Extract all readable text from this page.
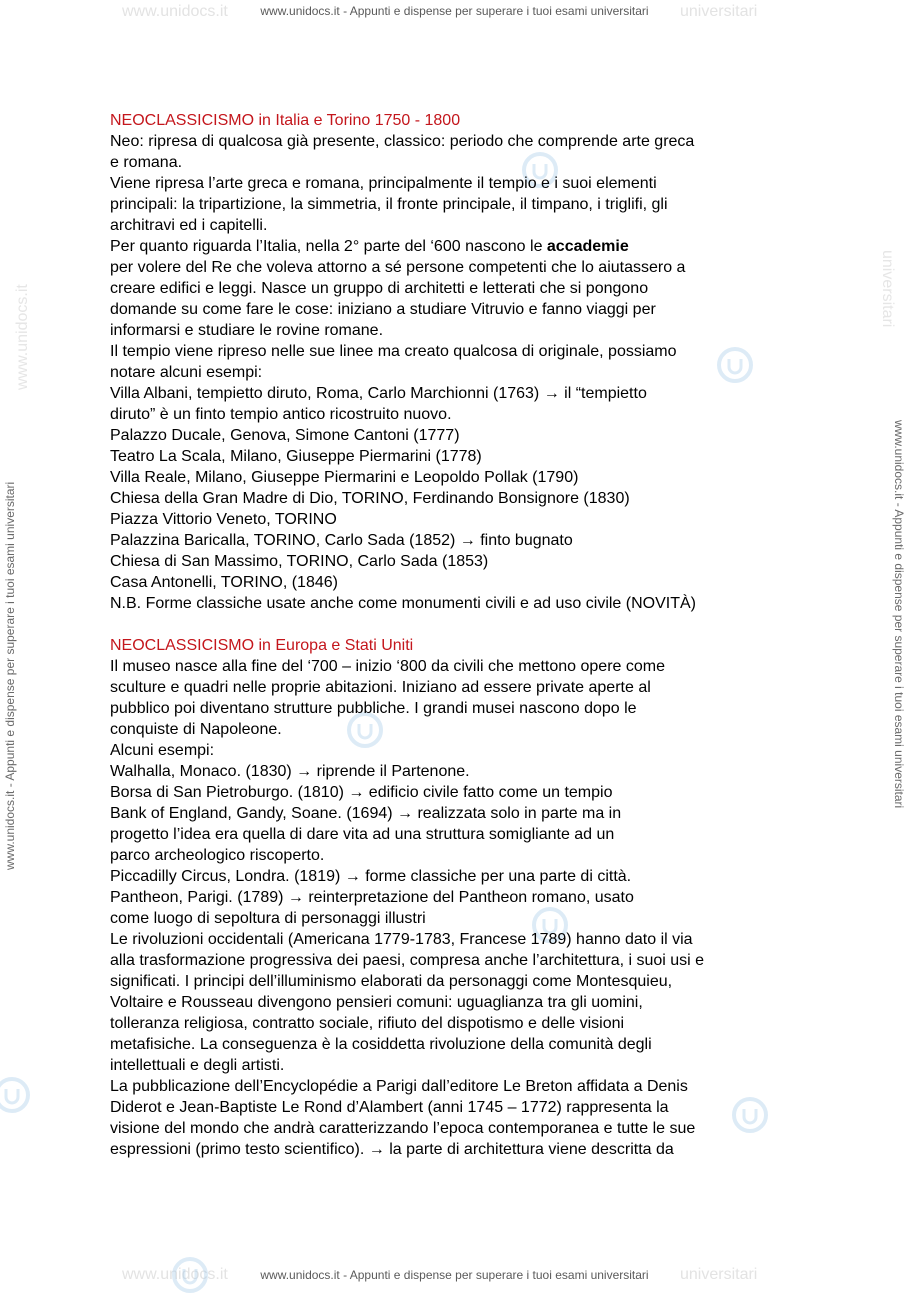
www.unidocs.it	universitari
www.unidocs.it	universitari
www.unidocs.it	universitari
www.unidocs.it - Appunti e dispense per superare i tuoi esami universitari
www.unidocs.it - Appunti e dispense per superare i tuoi esami universitari
www.unidocs.it - Appunti e dispense per superare i tuoi esami universitari	www.unidocs.it - Appunti e dispense per superare i tuoi esami universitari

NEOCLASSICISMO in Italia e Torino 1750 - 1800

Neo: ripresa di qualcosa già presente, classico: periodo che comprende arte greca

e romana.

Viene ripresa l’arte greca e romana, principalmente il tempio e i suoi elementi

principali: la tripartizione, la simmetria, il fronte principale, il timpano, i triglifi, gli

architravi ed i capitelli.

Per quanto riguarda l’Italia, nella 2° parte del ‘600 nascono le accademie

per volere del Re che voleva attorno a sé persone competenti che lo aiutassero a

creare edifici e leggi. Nasce un gruppo di architetti e letterati che si pongono

domande su come fare le cose: iniziano a studiare Vitruvio e fanno viaggi per

informarsi e studiare le rovine romane.

Il tempio viene ripreso nelle sue linee ma creato qualcosa di originale, possiamo

notare alcuni esempi:

Villa Albani, tempietto diruto, Roma, Carlo Marchionni (1763) → il “tempietto

diruto” è un finto tempio antico ricostruito nuovo.

Palazzo Ducale, Genova, Simone Cantoni (1777)

Teatro La Scala, Milano, Giuseppe Piermarini (1778)

Villa Reale, Milano, Giuseppe Piermarini e Leopoldo Pollak (1790)

Chiesa della Gran Madre di Dio, TORINO, Ferdinando Bonsignore (1830)

Piazza Vittorio Veneto, TORINO

Palazzina Baricalla, TORINO, Carlo Sada (1852) → finto bugnato

Chiesa di San Massimo, TORINO, Carlo Sada (1853)

Casa Antonelli, TORINO, (1846)

N.B. Forme classiche usate anche come monumenti civili e ad uso civile (NOVITÀ)

NEOCLASSICISMO in Europa e Stati Uniti

Il museo nasce alla fine del ‘700 – inizio ‘800 da civili che mettono opere come

sculture e quadri nelle proprie abitazioni. Iniziano ad essere private aperte al

pubblico poi diventano strutture pubbliche. I grandi musei nascono dopo le

conquiste di Napoleone.

Alcuni esempi:

Walhalla, Monaco. (1830) → riprende il Partenone.

Borsa di San Pietroburgo. (1810) → edificio civile fatto come un tempio

Bank of England, Gandy, Soane. (1694) → realizzata solo in parte ma in

progetto l’idea era quella di dare vita ad una struttura somigliante ad un

parco archeologico riscoperto.

Piccadilly Circus, Londra. (1819) → forme classiche per una parte di città.

Pantheon, Parigi. (1789) → reinterpretazione del Pantheon romano, usato

come luogo di sepoltura di personaggi illustri

Le rivoluzioni occidentali (Americana 1779-1783, Francese 1789) hanno dato il via

alla trasformazione progressiva dei paesi, compresa anche l’architettura, i suoi usi e

significati. I principi dell’illuminismo elaborati da personaggi come Montesquieu,

Voltaire e Rousseau divengono pensieri comuni: uguaglianza tra gli uomini,

tolleranza religiosa, contratto sociale, rifiuto del dispotismo e delle visioni

metafisiche. La conseguenza è la cosiddetta rivoluzione della comunità degli

intellettuali e degli artisti.

La pubblicazione dell’Encyclopédie a Parigi dall’editore Le Breton affidata a Denis

Diderot e Jean-Baptiste Le Rond d’Alambert (anni 1745 – 1772) rappresenta la

visione del mondo che andrà caratterizzando l’epoca contemporanea e tutte le sue

espressioni (primo testo scientifico). → la parte di architettura viene descritta da
